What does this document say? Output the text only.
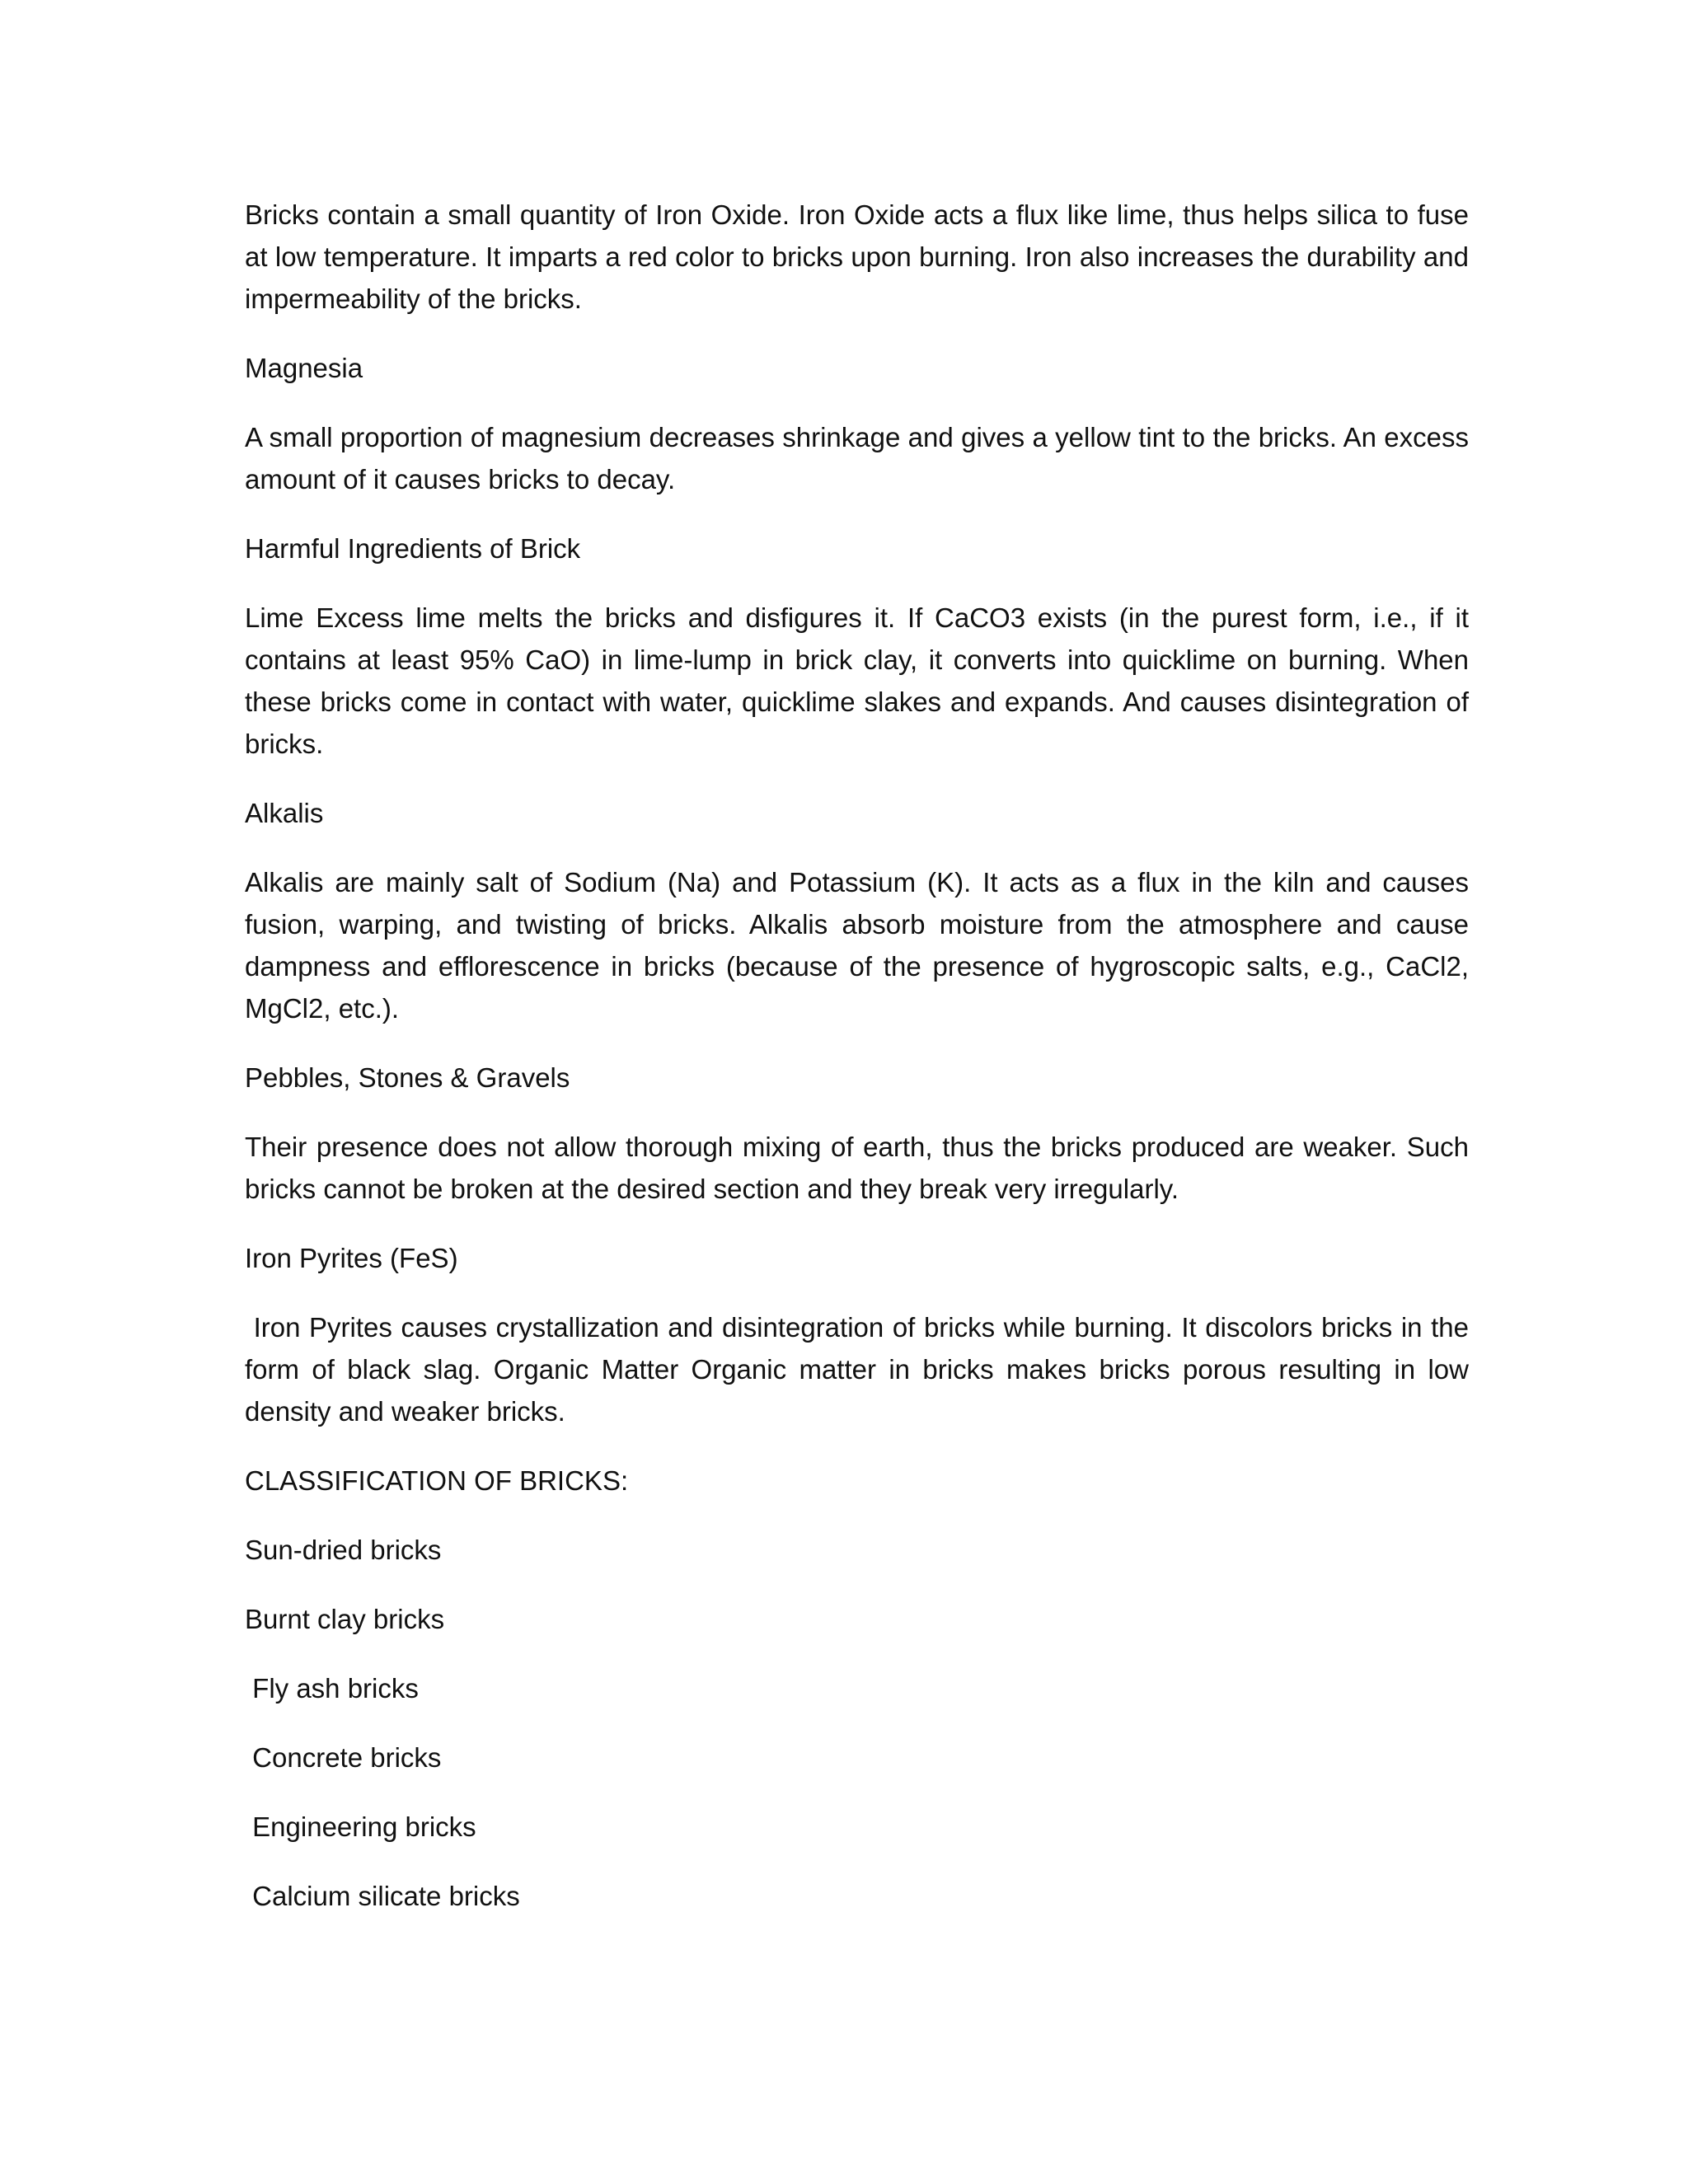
Bricks contain a small quantity of Iron Oxide. Iron Oxide acts a flux like lime, thus helps silica to fuse at low temperature. It imparts a red color to bricks upon burning. Iron also increases the durability and impermeability of the bricks.

Magnesia

A small proportion of magnesium decreases shrinkage and gives a yellow tint to the bricks. An excess amount of it causes bricks to decay.

Harmful Ingredients of Brick

Lime Excess lime melts the bricks and disfigures it. If CaCO3 exists (in the purest form, i.e., if it contains at least 95% CaO) in lime-lump in brick clay, it converts into quicklime on burning. When these bricks come in contact with water, quicklime slakes and expands. And causes disintegration of bricks.

Alkalis

Alkalis are mainly salt of Sodium (Na) and Potassium (K). It acts as a flux in the kiln and causes fusion, warping, and twisting of bricks. Alkalis absorb moisture from the atmosphere and cause dampness and efflorescence in bricks (because of the presence of hygroscopic salts, e.g., CaCl2, MgCl2, etc.).

Pebbles, Stones & Gravels

Their presence does not allow thorough mixing of earth, thus the bricks produced are weaker. Such bricks cannot be broken at the desired section and they break very irregularly.

Iron Pyrites (FeS)

Iron Pyrites causes crystallization and disintegration of bricks while burning. It discolors bricks in the form of black slag. Organic Matter Organic matter in bricks makes bricks porous resulting in low density and weaker bricks.

CLASSIFICATION OF BRICKS:

Sun-dried bricks

Burnt clay bricks

Fly ash bricks

Concrete bricks

Engineering bricks

Calcium silicate bricks
